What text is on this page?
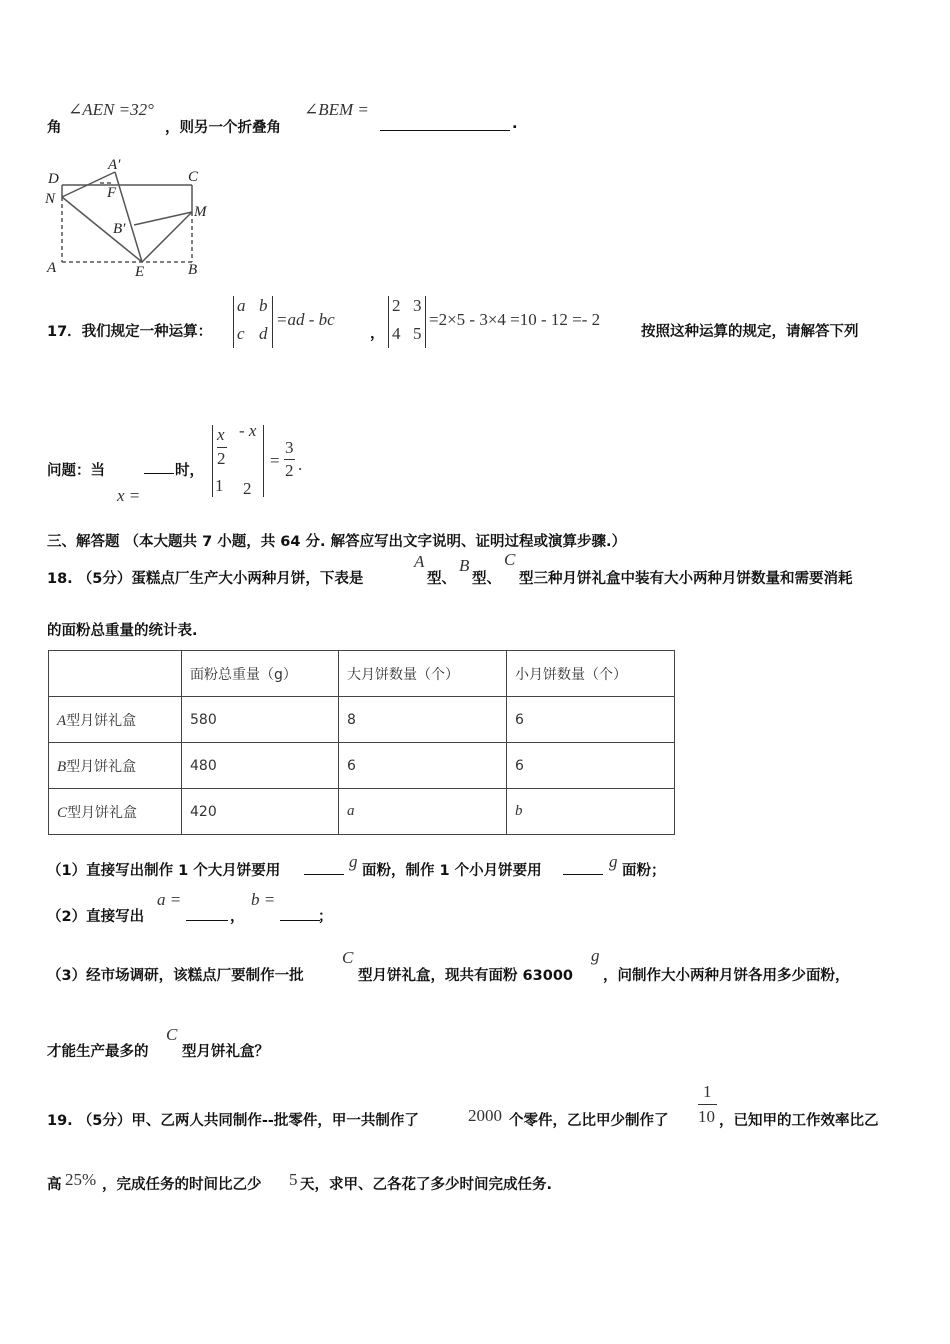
角
∠AEN =32°
，则另一个折叠角
∠BEM =
.
D	C
N
M
A	B
E
A′
F
B′
17．我们规定一种运算：
a b
c d
=ad - bc
，
2 3
4 5
=2×5 - 3×4 =10 - 12 =- 2
按照这种运算的规定，请解答下列
问题：当
x =
时，
x
2
- x
1 2
=
3
2 .
三、解答题 （本大题共 7 小题，共 64 分. 解答应写出文字说明、证明过程或演算步骤.）
18. （5分）蛋糕点厂生产大小两种月饼，下表是
A
型、
B
型、
C
型三种月饼礼盒中装有大小两种月饼数量和需要消耗
的面粉总重量的统计表.
	面粉总重量（g）	大月饼数量（个）	小月饼数量（个）
A型月饼礼盒	580	8	6
B型月饼礼盒	480	6	6
C型月饼礼盒	420	a	b
（1）直接写出制作 1 个大月饼要用	g 面粉，制作 1 个小月饼要用	g 面粉；
（2）直接写出
a =
，
b =
；
（3）经市场调研，该糕点厂要制作一批
C
型月饼礼盒，现共有面粉 63000
g
，问制作大小两种月饼各用多少面粉，
才能生产最多的
C
型月饼礼盒？
19. （5分）甲、乙两人共同制作--批零件，甲一共制作了	2000 个零件，乙比甲少制作了
1
10 ，已知甲的工作效率比乙
高 25% ，完成任务的时间比乙少 5 天，求甲、乙各花了多少时间完成任务.
